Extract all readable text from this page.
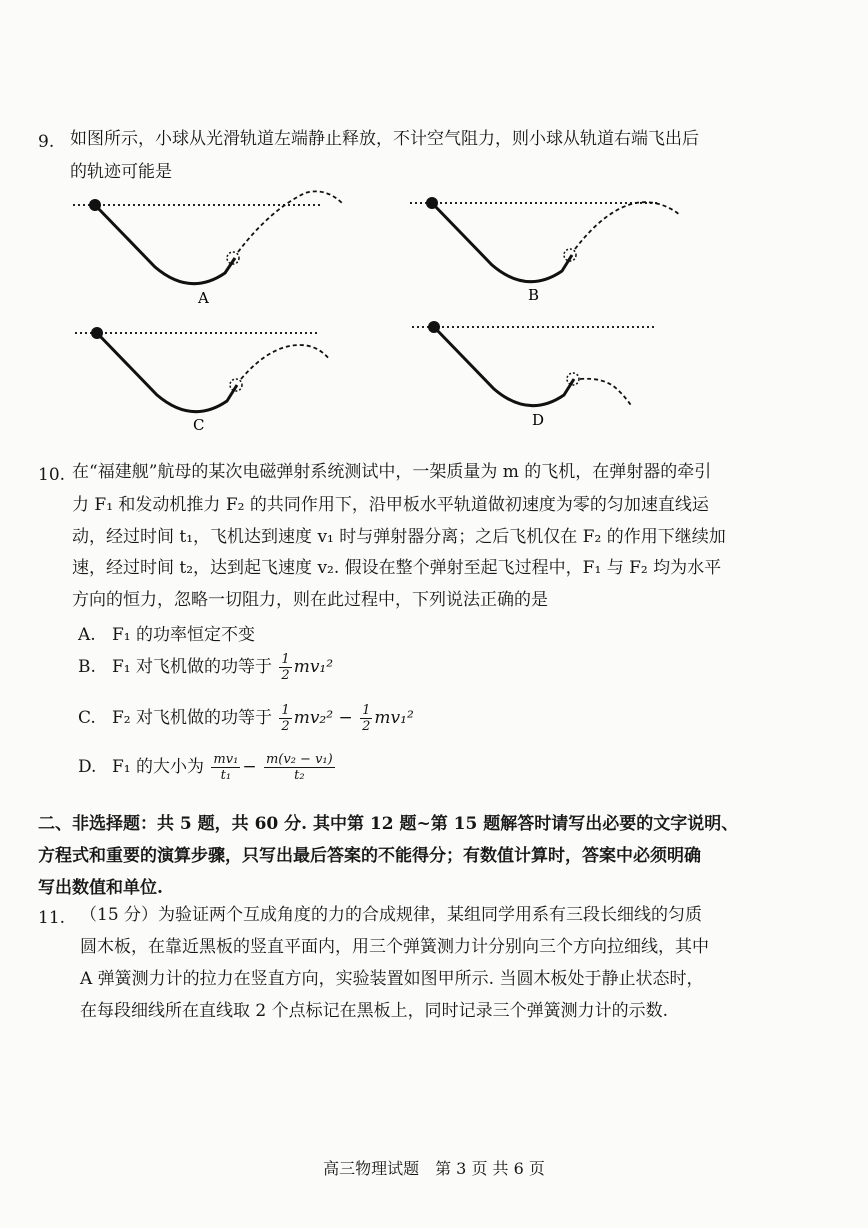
9. 如图所示，小球从光滑轨道左端静止释放，不计空气阻力，则小球从轨道右端飞出后
的轨迹可能是
A	B
C	D
10. 在“福建舰”航母的某次电磁弹射系统测试中，一架质量为 m 的飞机，在弹射器的牵引
力 F₁ 和发动机推力 F₂ 的共同作用下，沿甲板水平轨道做初速度为零的匀加速直线运
动，经过时间 t₁，飞机达到速度 v₁ 时与弹射器分离；之后飞机仅在 F₂ 的作用下继续加
速，经过时间 t₂，达到起飞速度 v₂. 假设在整个弹射至起飞过程中，F₁ 与 F₂ 均为水平
方向的恒力，忽略一切阻力，则在此过程中，下列说法正确的是
A. F₁ 的功率恒定不变
B. F₁ 对飞机做的功等于 $\frac{1}{2} mv_1^2$
C. F₂ 对飞机做的功等于 $\frac{1}{2} mv_2^2 - \frac{1}{2} mv_1^2$
D. F₁ 的大小为 $\frac{\text{mv₁}}{\text{t₁}} - \frac{\text{m(v₂ − v₁)}}{\text{t₂}}$
二、非选择题：共 5 题，共 60 分. 其中第 12 题~第 15 题解答时请写出必要的文字说明、
方程式和重要的演算步骤，只写出最后答案的不能得分；有数值计算时，答案中必须明确
写出数值和单位.
11. （15 分）为验证两个互成角度的力的合成规律，某组同学用系有三段长细线的匀质
圆木板，在靠近黑板的竖直平面内，用三个弹簧测力计分别向三个方向拉细线，其中
A 弹簧测力计的拉力在竖直方向，实验装置如图甲所示. 当圆木板处于静止状态时，
在每段细线所在直线取 2 个点标记在黑板上，同时记录三个弹簧测力计的示数.
高三物理试题　第 3 页 共 6 页
